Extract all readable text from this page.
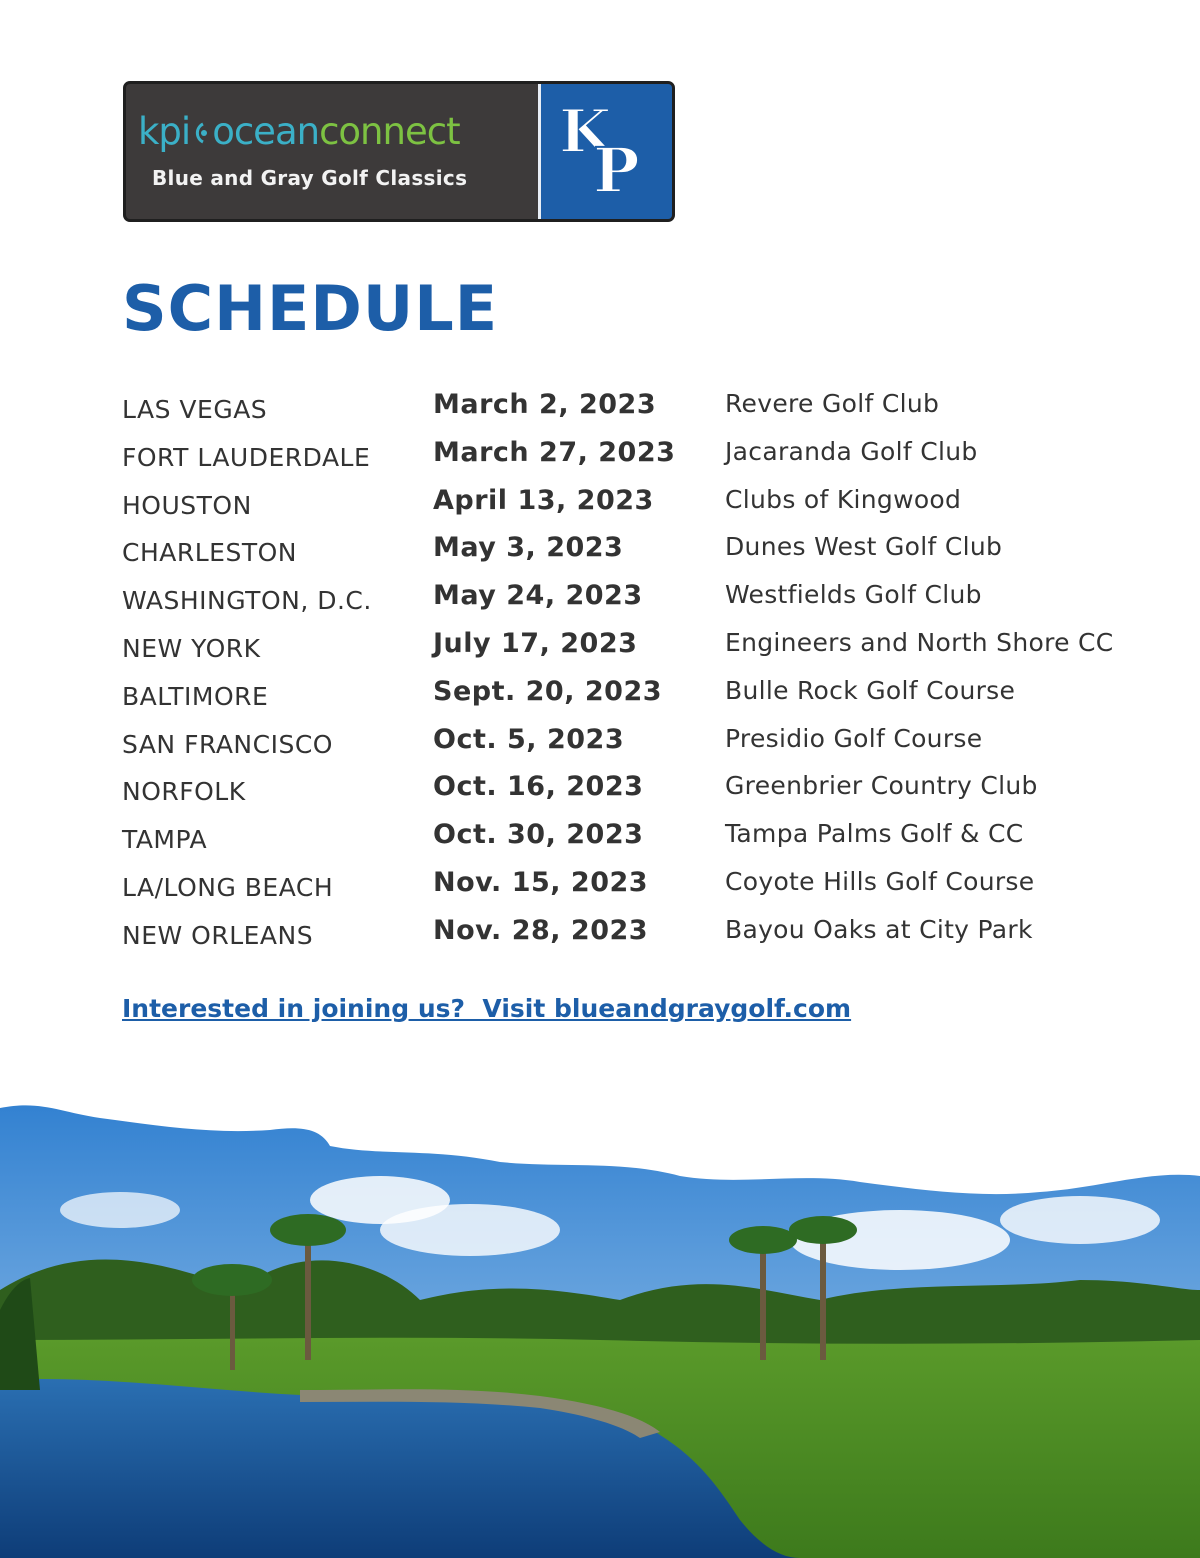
kpi oceanconnect
Blue and Gray Golf Classics
K
P
SCHEDULE
LAS VEGAS	March 2, 2023	Revere Golf Club
FORT LAUDERDALE March 27, 2023 Jacaranda Golf Club
HOUSTON	April 13, 2023	Clubs of Kingwood
CHARLESTON	May 3, 2023	Dunes West Golf Club
WASHINGTON, D.C. May 24, 2023	Westfields Golf Club
NEW YORK	July 17, 2023	Engineers and North Shore CC
BALTIMORE	Sept. 20, 2023	Bulle Rock Golf Course
SAN FRANCISCO	Oct. 5, 2023	Presidio Golf Course
NORFOLK	Oct. 16, 2023	Greenbrier Country Club
TAMPA	Oct. 30, 2023	Tampa Palms Golf & CC
LA/LONG BEACH	Nov. 15, 2023	Coyote Hills Golf Course
NEW ORLEANS	Nov. 28, 2023	Bayou Oaks at City Park
Interested in joining us?  Visit blueandgraygolf.com
